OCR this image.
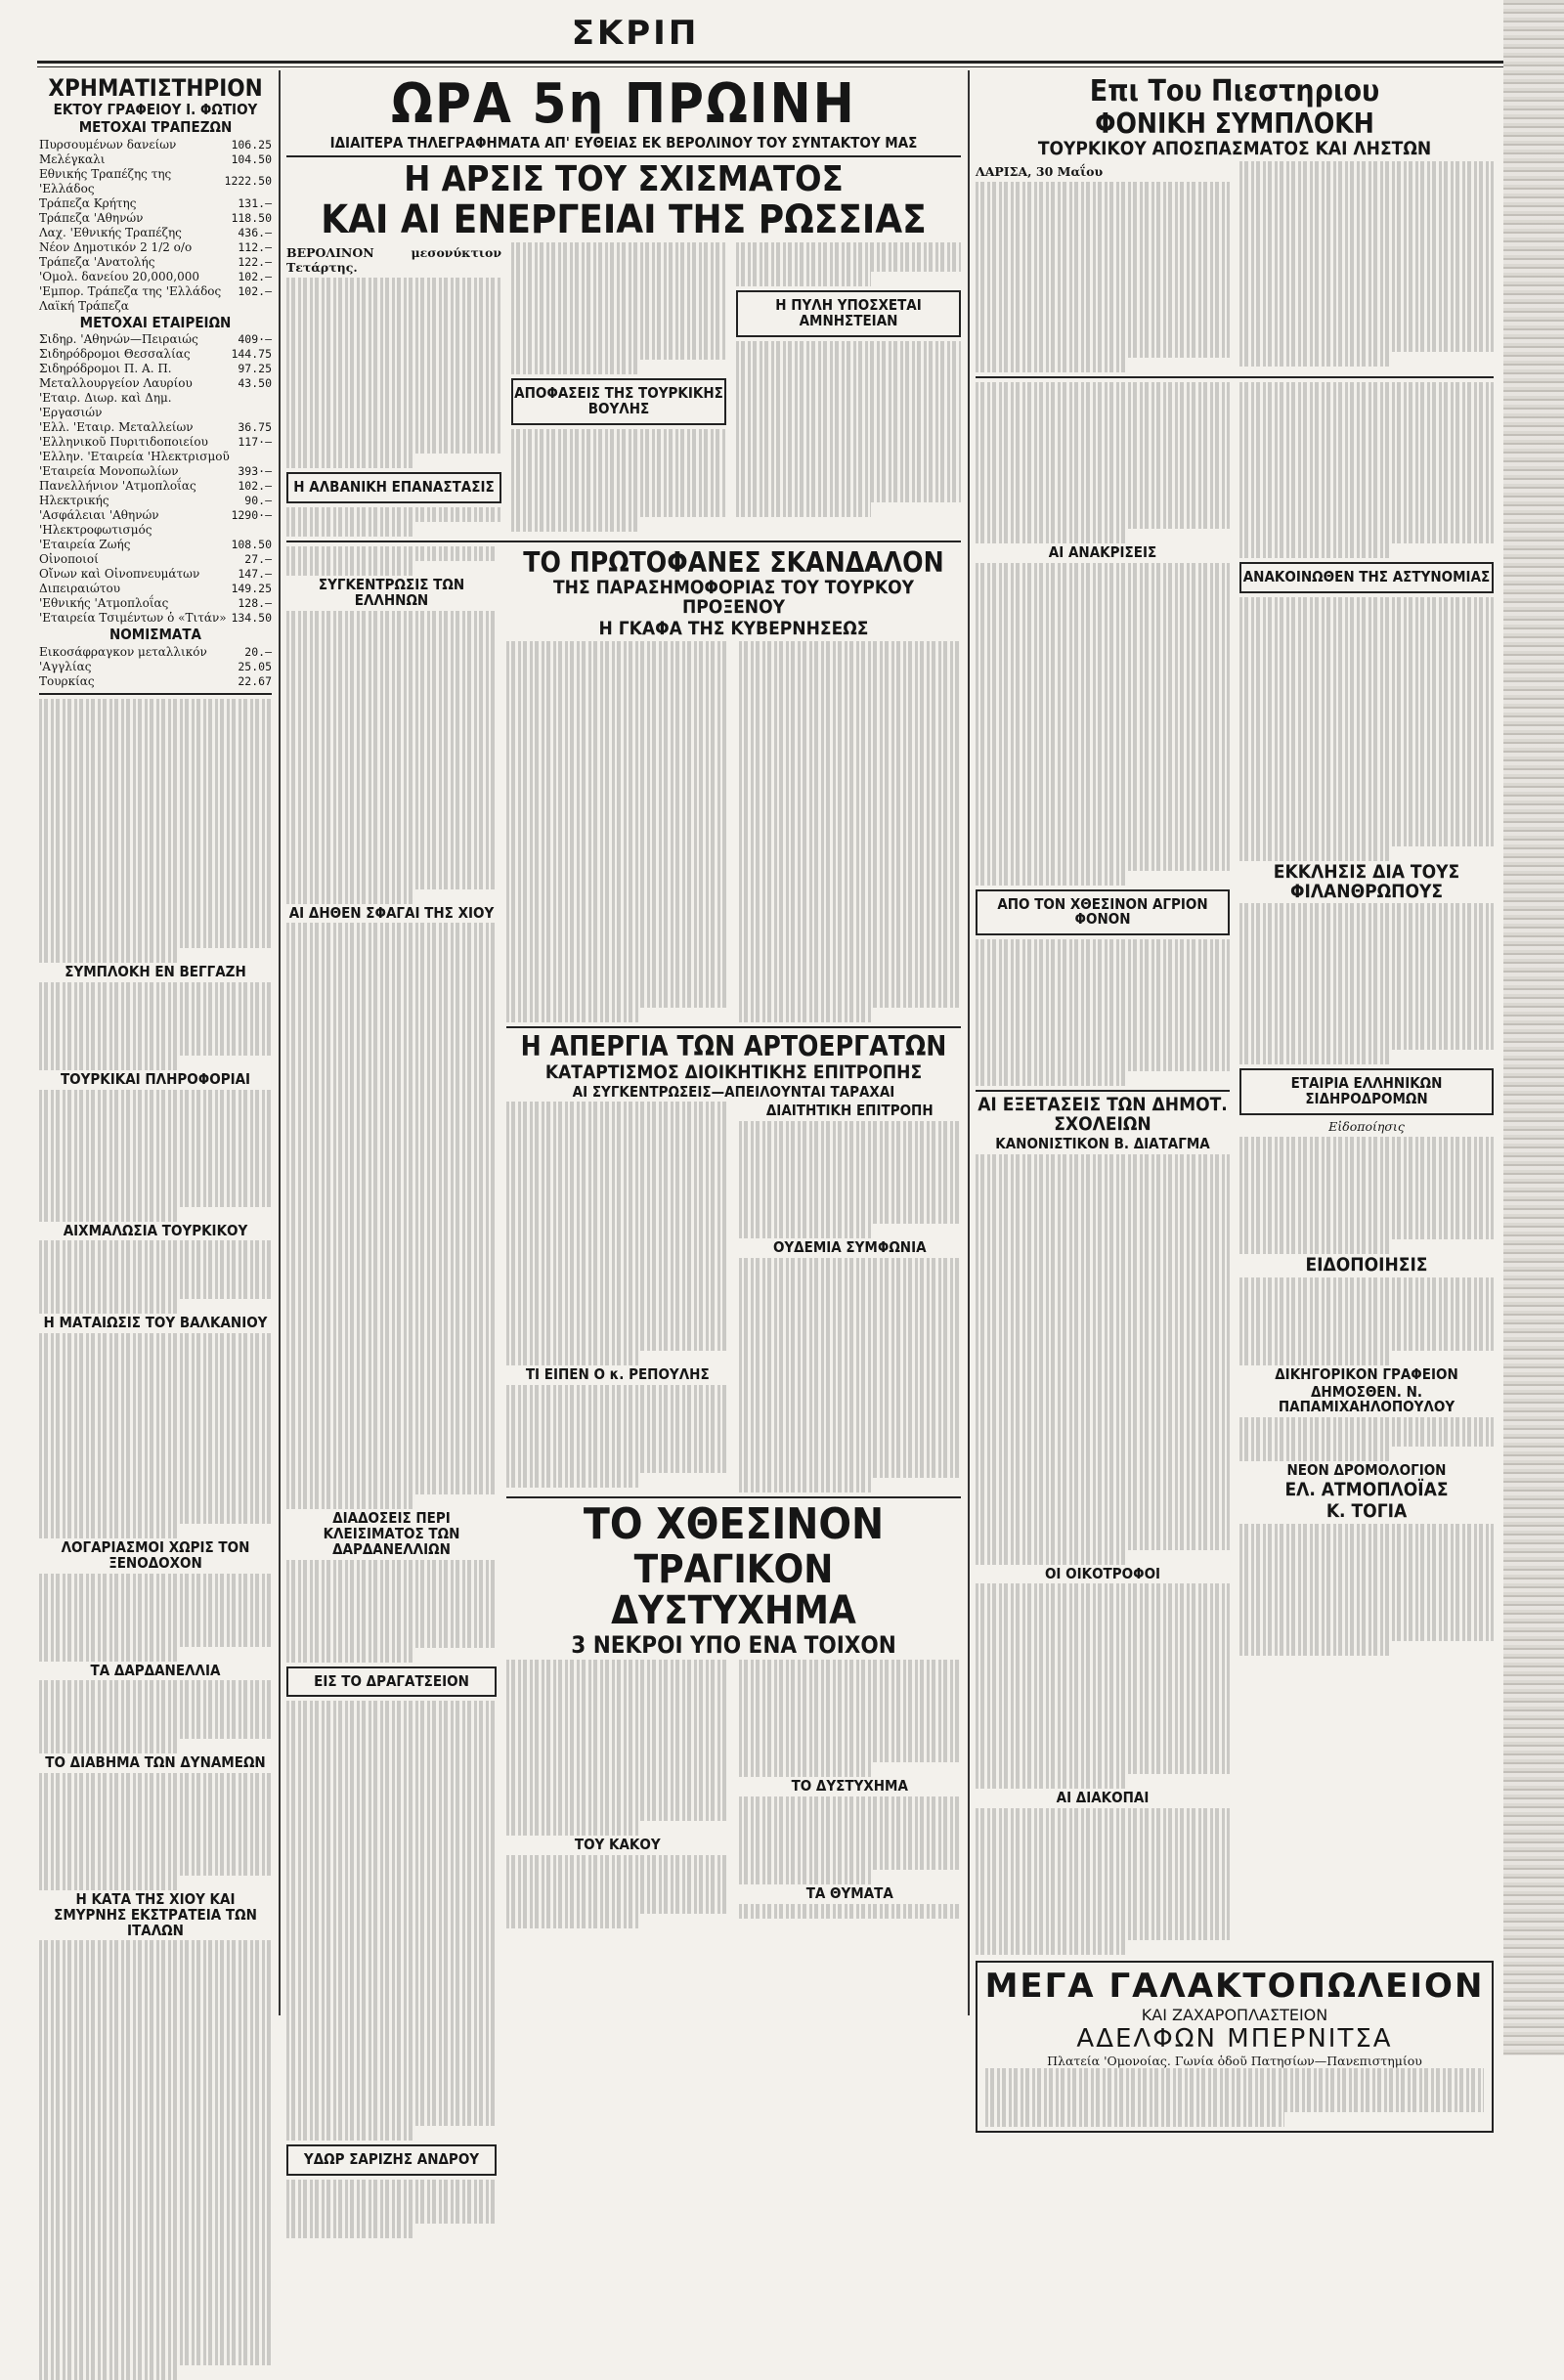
ΣΚΡΙΠ
ΧΡΗΜΑΤΙΣΤΗΡΙΟΝ
ΕΚΤΟΥ ΓΡΑΦΕΙΟΥ Ι. ΦΩΤΙΟΥ
ΜΕΤΟΧΑΙ ΤΡΑΠΕΖΩΝ
Πυρσουμένων δανείων	106.25
Μελέγκαλι	104.50
Εθνικής Τραπέζης της 'Ελλάδος	1222.50
Τράπεζα Κρήτης	131.—
Τράπεζα 'Αθηνών	118.50
Λαχ. 'Εθνικής Τραπέζης	436.—
Νέον Δημοτικόν 2 1/2 ο/ο	112.—
Τράπεζα 'Ανατολής	122.—
'Ομολ. δανείου 20,000,000	102.—
'Εμπορ. Τράπεζα της 'Ελλάδος	102.—
Λαϊκή Τράπεζα	
ΜΕΤΟΧΑΙ ΕΤΑΙΡΕΙΩΝ
Σιδηρ. 'Αθηνών—Πειραιώς	409·—
Σιδηρόδρομοι Θεσσαλίας	144.75
Σιδηρόδρομοι Π. Α. Π.	97.25
Μεταλλουργείον Λαυρίου	43.50
'Εταιρ. Διωρ. καὶ Δημ. 'Εργασιών	
'Ελλ. 'Εταιρ. Μεταλλείων	36.75
'Ελληνικοῦ Πυριτιδοποιείου	117·—
'Ελλην. 'Εταιρεία 'Ηλεκτρισμοῦ	
'Εταιρεία Μονοπωλίων	393·—
Πανελλήνιον 'Ατμοπλοΐας	102.—
Ηλεκτρικής	90.—
'Ασφάλειαι 'Αθηνών	1290·—
'Ηλεκτροφωτισμός	
'Εταιρεία Ζωής	108.50
Οἰνοποιοί	27.—
Οἴνων καὶ Οἰνοπνευμάτων	147.—
Διπειραιώτου	149.25
'Εθνικής 'Ατμοπλοΐας	128.—
'Εταιρεία Τσιμέντων ὁ «Τιτάν»	134.50
ΝΟΜΙΣΜΑΤΑ
Εικοσάφραγκον μεταλλικόν	20.—
'Αγγλίας	25.05
Τουρκίας	22.67
ΣΥΜΠΛΟΚΗ ΕΝ ΒΕΓΓΑΖΗ
ΤΟΥΡΚΙΚΑΙ ΠΛΗΡΟΦΟΡΙΑΙ
ΑΙΧΜΑΛΩΣΙΑ ΤΟΥΡΚΙΚΟΥ
Η ΜΑΤΑΙΩΣΙΣ ΤΟΥ ΒΑΛΚΑΝΙΟΥ
ΛΟΓΑΡΙΑΣΜΟΙ ΧΩΡΙΣ ΤΟΝ ΞΕΝΟΔΟΧΟΝ
ΤΑ ΔΑΡΔΑΝΕΛΛΙΑ
ΤΟ ΔΙΑΒΗΜΑ ΤΩΝ ΔΥΝΑΜΕΩΝ
Η ΚΑΤΑ ΤΗΣ ΧΙΟΥ ΚΑΙ ΣΜΥΡΝΗΣ ΕΚΣΤΡΑΤΕΙΑ ΤΩΝ ΙΤΑΛΩΝ
ΩΡΑ 5η ΠΡΩΙΝΗ
ΙΔΙΑΙΤΕΡΑ ΤΗΛΕΓΡΑΦΗΜΑΤΑ ΑΠ' ΕΥΘΕΙΑΣ ΕΚ ΒΕΡΟΛΙΝΟΥ ΤΟΥ ΣΥΝΤΑΚΤΟΥ ΜΑΣ
Η ΑΡΣΙΣ ΤΟΥ ΣΧΙΣΜΑΤΟΣ
ΚΑΙ ΑΙ ΕΝΕΡΓΕΙΑΙ ΤΗΣ ΡΩΣΣΙΑΣ
ΒΕΡΟΛΙΝΟΝ μεσονύκτιον Τετάρτης.
Η ΑΛΒΑΝΙΚΗ ΕΠΑΝΑΣΤΑΣΙΣ
ΑΠΟΦΑΣΕΙΣ ΤΗΣ ΤΟΥΡΚΙΚΗΣ ΒΟΥΛΗΣ
Η ΠΥΛΗ ΥΠΟΣΧΕΤΑΙ ΑΜΝΗΣΤΕΙΑΝ
ΣΥΓΚΕΝΤΡΩΣΙΣ ΤΩΝ ΕΛΛΗΝΩΝ
ΑΙ ΔΗΘΕΝ ΣΦΑΓΑΙ ΤΗΣ ΧΙΟΥ
ΔΙΑΔΟΣΕΙΣ ΠΕΡΙ ΚΛΕΙΣΙΜΑΤΟΣ ΤΩΝ ΔΑΡΔΑΝΕΛΛΙΩΝ
ΕΙΣ ΤΟ ΔΡΑΓΑΤΣΕΙΟΝ
ΥΔΩΡ ΣΑΡΙΖΗΣ ΑΝΔΡΟΥ
ΤΟ ΠΡΩΤΟΦΑΝΕΣ ΣΚΑΝΔΑΛΟΝ
ΤΗΣ ΠΑΡΑΣΗΜΟΦΟΡΙΑΣ ΤΟΥ ΤΟΥΡΚΟΥ ΠΡΟΞΕΝΟΥ
Η ΓΚΑΦΑ ΤΗΣ ΚΥΒΕΡΝΗΣΕΩΣ
Η ΑΠΕΡΓΙΑ ΤΩΝ ΑΡΤΟΕΡΓΑΤΩΝ
ΚΑΤΑΡΤΙΣΜΟΣ ΔΙΟΙΚΗΤΙΚΗΣ ΕΠΙΤΡΟΠΗΣ
ΑΙ ΣΥΓΚΕΝΤΡΩΣΕΙΣ—ΑΠΕΙΛΟΥΝΤΑΙ ΤΑΡΑΧΑΙ
ΤΙ ΕΙΠΕΝ Ο κ. ΡΕΠΟΥΛΗΣ
ΔΙΑΙΤΗΤΙΚΗ ΕΠΙΤΡΟΠΗ
ΟΥΔΕΜΙΑ ΣΥΜΦΩΝΙΑ
ΤΟ ΧΘΕΣΙΝΟΝ
ΤΡΑΓΙΚΟΝ ΔΥΣΤΥΧΗΜΑ
3 ΝΕΚΡΟΙ ΥΠΟ ΕΝΑ ΤΟΙΧΟΝ
ΤΟΥ ΚΑΚΟΥ
ΤΟ ΔΥΣΤΥΧΗΜΑ
ΤΑ ΘΥΜΑΤΑ
Επι Του Πιεστηριου
ΦΟΝΙΚΗ ΣΥΜΠΛΟΚΗ
ΤΟΥΡΚΙΚΟΥ ΑΠΟΣΠΑΣΜΑΤΟΣ ΚΑΙ ΛΗΣΤΩΝ
ΛΑΡΙΣΑ, 30 Μαΐου
ΑΙ ΑΝΑΚΡΙΣΕΙΣ
ΑΠΟ ΤΟΝ ΧΘΕΣΙΝΟΝ ΑΓΡΙΟΝ ΦΟΝΟΝ
ΑΙ ΕΞΕΤΑΣΕΙΣ ΤΩΝ ΔΗΜΟΤ. ΣΧΟΛΕΙΩΝ
ΚΑΝΟΝΙΣΤΙΚΟΝ Β. ΔΙΑΤΑΓΜΑ
ΟΙ ΟΙΚΟΤΡΟΦΟΙ
ΑΙ ΔΙΑΚΟΠΑΙ
ΑΝΑΚΟΙΝΩΘΕΝ ΤΗΣ ΑΣΤΥΝΟΜΙΑΣ
ΕΚΚΛΗΣΙΣ ΔΙΑ ΤΟΥΣ ΦΙΛΑΝΘΡΩΠΟΥΣ
ΕΤΑΙΡΙΑ ΕΛΛΗΝΙΚΩΝ ΣΙΔΗΡΟΔΡΟΜΩΝ
Εἰδοποίησις
ΕΙΔΟΠΟΙΗΣΙΣ
ΔΙΚΗΓΟΡΙΚΟΝ ΓΡΑΦΕΙΟΝ
ΔΗΜΟΣΘΕΝ. Ν. ΠΑΠΑΜΙΧΑΗΛΟΠΟΥΛΟΥ
ΝΕΟΝ ΔΡΟΜΟΛΟΓΙΟΝ
ΕΛ. ΑΤΜΟΠΛΟΪΑΣ
Κ. ΤΟΓΙΑ
ΜΕΓΑ ΓΑΛΑΚΤΟΠΩΛΕΙΟΝ
ΚΑΙ ΖΑΧΑΡΟΠΛΑΣΤΕΙΟΝ
ΑΔΕΛΦΩΝ ΜΠΕΡΝΙΤΣΑ
Πλατεία 'Ομονοίας. Γωνία ὁδοῦ Πατησίων—Πανεπιστημίου
